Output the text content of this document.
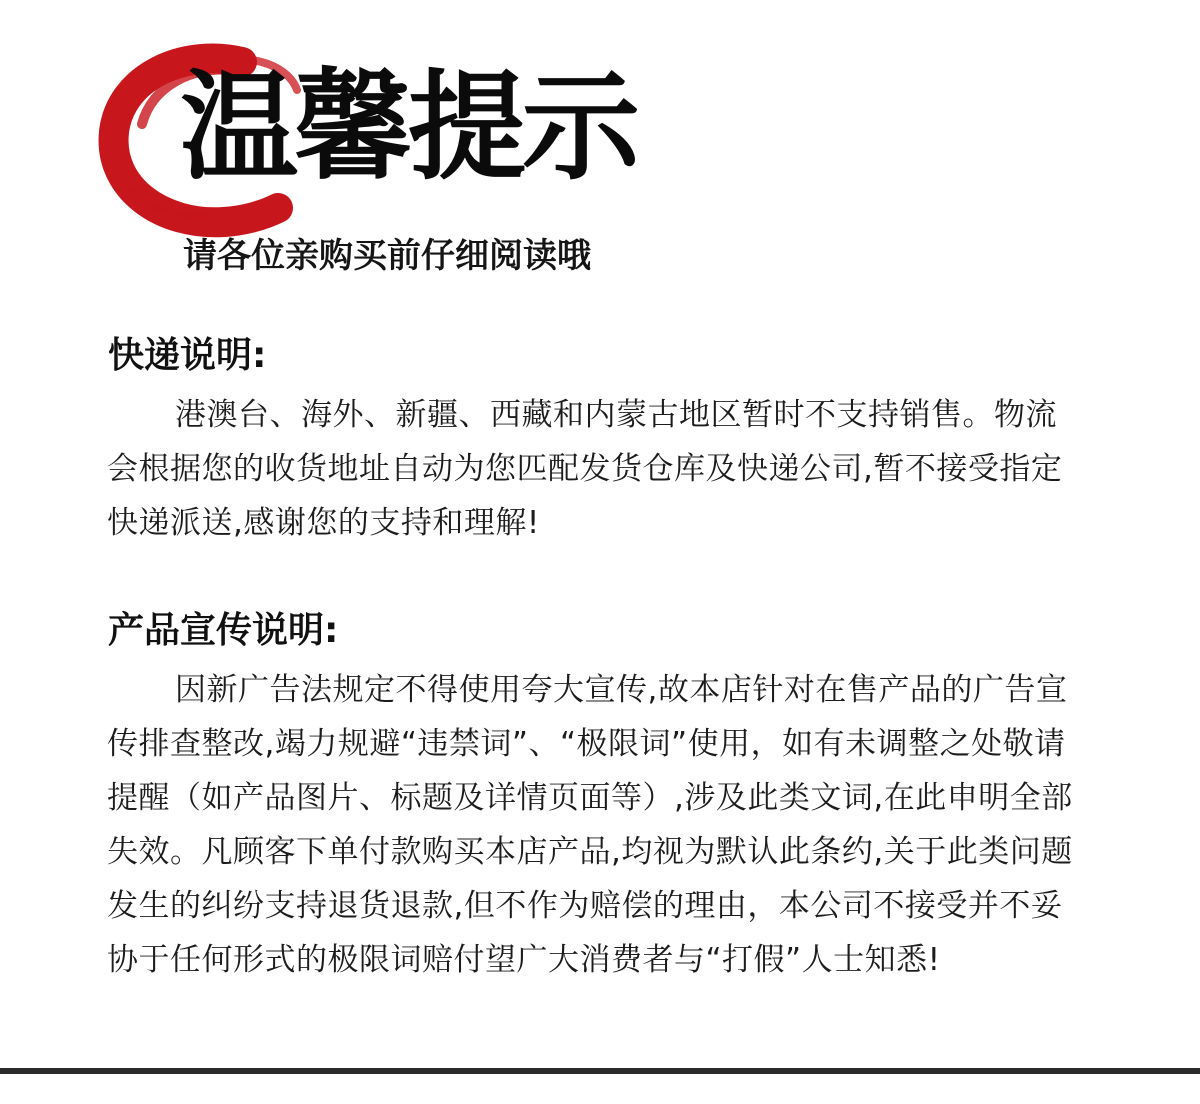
温馨提示
请各位亲购买前仔细阅读哦
快递说明:
港澳台、海外、新疆、西藏和内蒙古地区暂时不支持销售。物流会根据您的收货地址自动为您匹配发货仓库及快递公司,暂不接受指定快递派送,感谢您的支持和理解!
产品宣传说明:
因新广告法规定不得使用夸大宣传,故本店针对在售产品的广告宣传排查整改,竭力规避“违禁词”、“极限词”使用，如有未调整之处敬请提醒（如产品图片、标题及详情页面等）,涉及此类文词,在此申明全部失效。凡顾客下单付款购买本店产品,均视为默认此条约,关于此类问题发生的纠纷支持退货退款,但不作为赔偿的理由，本公司不接受并不妥协于任何形式的极限词赔付望广大消费者与“打假”人士知悉!
